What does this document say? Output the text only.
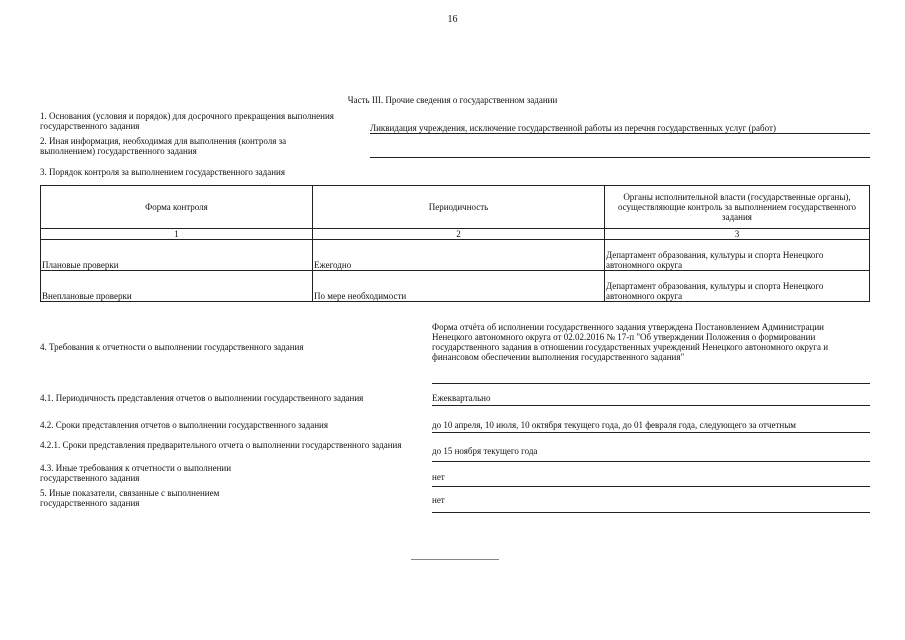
16
Часть III. Прочие сведения о государственном задании
1. Основания (условия и порядок) для досрочного прекращения выполнения государственного задания	Ликвидация учреждения, исключение государственной работы из перечня государственных услуг (работ)
2. Иная информация, необходимая для выполнения (контроля за выполнением) государственного задания
3. Порядок контроля за выполнением государственного задания
Форма контроля	Периодичность	Органы исполнительной власти (государственные органы), осуществляющие контроль за выполнением государственного задания
1	2	3
Плановые проверки	Ежегодно	Департамент образования, культуры и спорта Ненецкого автономного округа
Внеплановые проверки	По мере необходимости	Департамент образования, культуры и спорта Ненецкого автономного округа
4. Требования к отчетности о выполнении государственного задания
Форма отчёта об исполнении государственного задания утверждена Постановлением Администрации Ненецкого автономного округа от 02.02.2016 № 17-п "Об утверждении Положения о формировании государственного задания в отношении государственных учреждений Ненецкого автономного округа и финансовом обеспечении выполнения государственного задания"
4.1. Периодичность представления отчетов о выполнении государственного задания	Ежеквартально
4.2. Сроки представления отчетов о выполнении государственного задания	до 10 апреля, 10 июля, 10 октября текущего года, до 01 февраля года, следующего за отчетным
4.2.1. Сроки представления предварительного отчета о выполнении государственного задания
до 15 ноября текущего года
4.3. Иные требования к отчетности о выполнении государственного задания	нет
5. Иные показатели, связанные с выполнением государственного задания	нет
